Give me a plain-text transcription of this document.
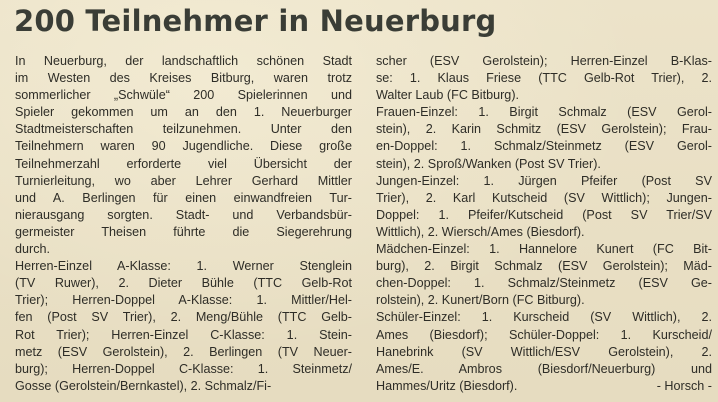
200 Teilnehmer in Neuerburg
In Neuerburg, der landschaftlich schönen Stadt
im Westen des Kreises Bitburg, waren trotz
sommerlicher „Schwüle“ 200 Spielerinnen und
Spieler gekommen um an den 1. Neuerburger
Stadtmeisterschaften teilzunehmen. Unter den
Teilnehmern waren 90 Jugendliche. Diese große
Teilnehmerzahl erforderte viel Übersicht der
Turnierleitung, wo aber Lehrer Gerhard Mittler
und A. Berlingen für einen einwandfreien Tur-
nierausgang sorgten. Stadt- und Verbandsbür-
germeister Theisen führte die Siegerehrung
durch.
Herren-Einzel A-Klasse: 1. Werner Stenglein
(TV Ruwer), 2. Dieter Bühle (TTC Gelb-Rot
Trier); Herren-Doppel A-Klasse: 1. Mittler/Hel-
fen (Post SV Trier), 2. Meng/Bühle (TTC Gelb-
Rot Trier); Herren-Einzel C-Klasse: 1. Stein-
metz (ESV Gerolstein), 2. Berlingen (TV Neuer-
burg); Herren-Doppel C-Klasse: 1. Steinmetz/
Gosse (Gerolstein/Bernkastel), 2. Schmalz/Fi-
scher (ESV Gerolstein); Herren-Einzel B-Klas-
se: 1. Klaus Friese (TTC Gelb-Rot Trier), 2.
Walter Laub (FC Bitburg).
Frauen-Einzel: 1. Birgit Schmalz (ESV Gerol-
stein), 2. Karin Schmitz (ESV Gerolstein); Frau-
en-Doppel: 1. Schmalz/Steinmetz (ESV Gerol-
stein), 2. Sproß/Wanken (Post SV Trier).
Jungen-Einzel: 1. Jürgen Pfeifer (Post SV
Trier), 2. Karl Kutscheid (SV Wittlich); Jungen-
Doppel: 1. Pfeifer/Kutscheid (Post SV Trier/SV
Wittlich), 2. Wiersch/Ames (Biesdorf).
Mädchen-Einzel: 1. Hannelore Kunert (FC Bit-
burg), 2. Birgit Schmalz (ESV Gerolstein); Mäd-
chen-Doppel: 1. Schmalz/Steinmetz (ESV Ge-
rolstein), 2. Kunert/Born (FC Bitburg).
Schüler-Einzel: 1. Kurscheid (SV Wittlich), 2.
Ames (Biesdorf); Schüler-Doppel: 1. Kurscheid/
Hanebrink (SV Wittlich/ESV Gerolstein), 2.
Ames/E. Ambros (Biesdorf/Neuerburg) und
Hammes/Uritz (Biesdorf).	- Horsch -
